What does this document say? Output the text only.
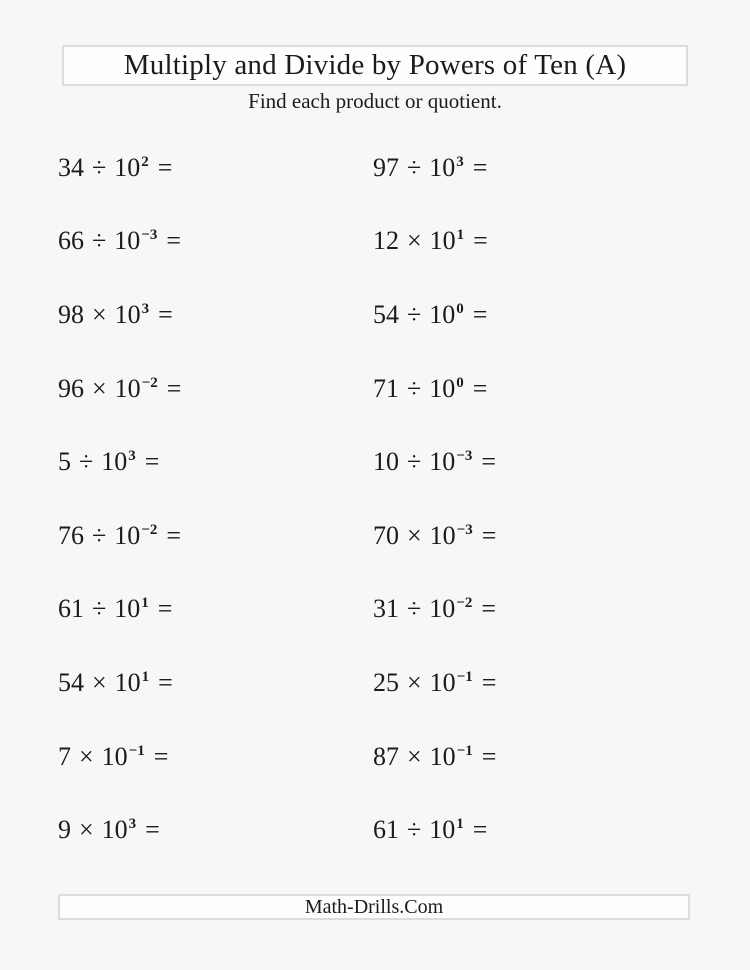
Multiply and Divide by Powers of Ten (A)

Find each product or quotient.

34 ÷ 102 =	97 ÷ 103 =
66 ÷ 10−3 =	12 × 101 =
98 × 103 =	54 ÷ 100 =
96 × 10−2 =	71 ÷ 100 =
5 ÷ 103 =	10 ÷ 10−3 =
76 ÷ 10−2 =	70 × 10−3 =
61 ÷ 101 =	31 ÷ 10−2 =
54 × 101 =	25 × 10−1 =
7 × 10−1 =	87 × 10−1 =
9 × 103 =	61 ÷ 101 =
Math-Drills.Com
